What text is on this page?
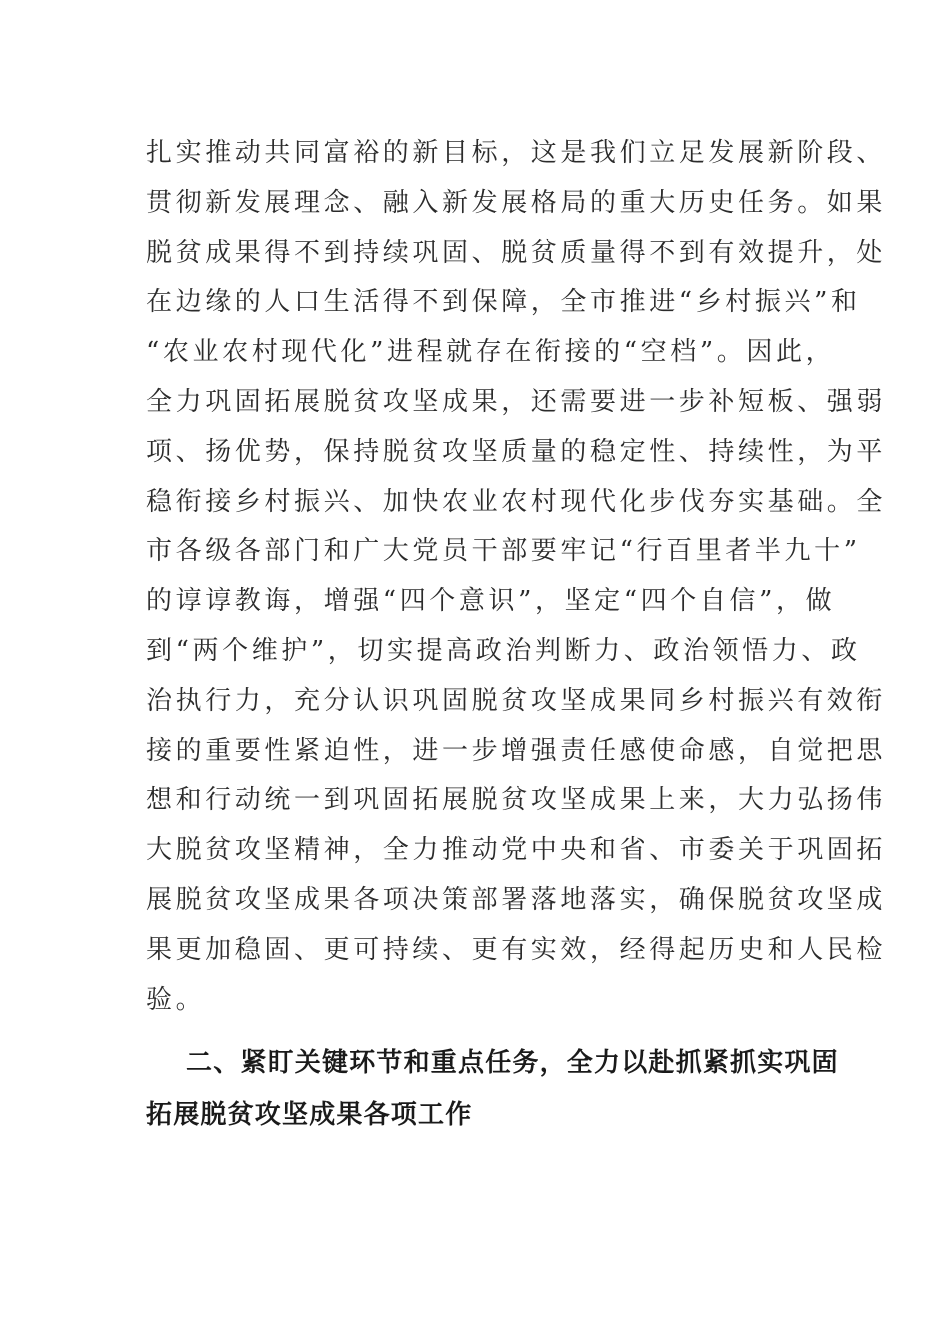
扎实推动共同富裕的新目标，这是我们立足发展新阶段、
贯彻新发展理念、融入新发展格局的重大历史任务。如果
脱贫成果得不到持续巩固、脱贫质量得不到有效提升，处
在边缘的人口生活得不到保障，全市推进“乡村振兴”和
“农业农村现代化”进程就存在衔接的“空档”。因此，
全力巩固拓展脱贫攻坚成果，还需要进一步补短板、强弱
项、扬优势，保持脱贫攻坚质量的稳定性、持续性，为平
稳衔接乡村振兴、加快农业农村现代化步伐夯实基础。全
市各级各部门和广大党员干部要牢记“行百里者半九十”
的谆谆教诲，增强“四个意识”，坚定“四个自信”，做
到“两个维护”，切实提高政治判断力、政治领悟力、政
治执行力，充分认识巩固脱贫攻坚成果同乡村振兴有效衔
接的重要性紧迫性，进一步增强责任感使命感，自觉把思
想和行动统一到巩固拓展脱贫攻坚成果上来，大力弘扬伟
大脱贫攻坚精神，全力推动党中央和省、市委关于巩固拓
展脱贫攻坚成果各项决策部署落地落实，确保脱贫攻坚成
果更加稳固、更可持续、更有实效，经得起历史和人民检
验。
二、紧盯关键环节和重点任务，全力以赴抓紧抓实巩固
拓展脱贫攻坚成果各项工作
